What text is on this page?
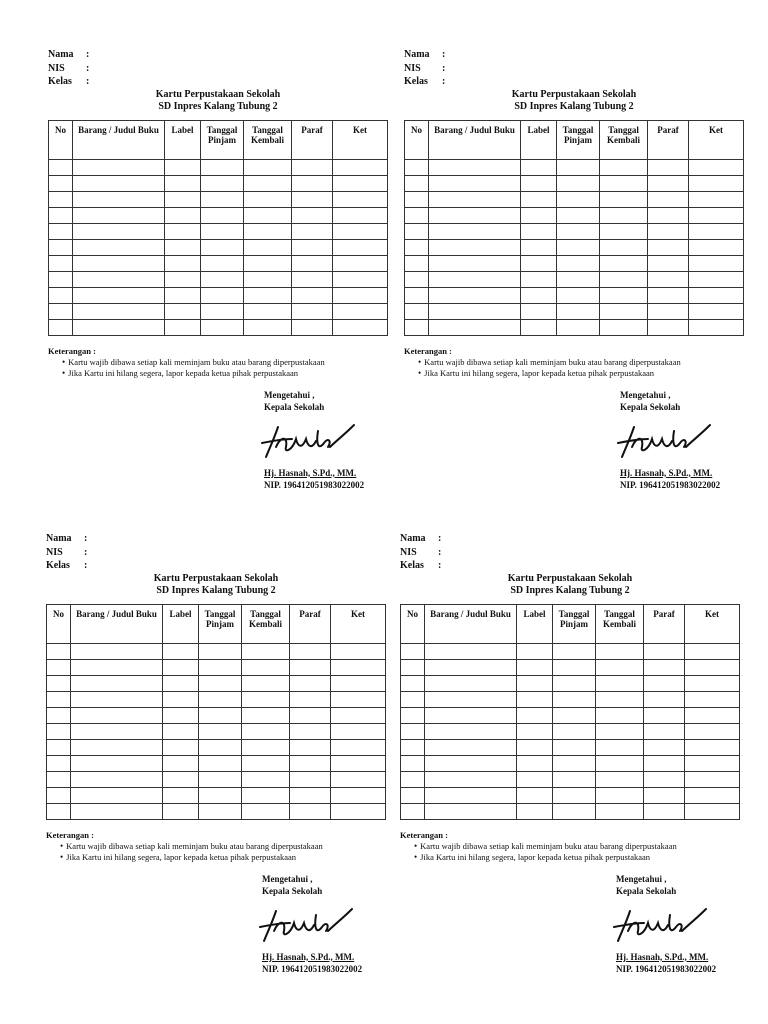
Nama	:
NIS	:
Kelas	:
Kartu Perpustakaan Sekolah
SD Inpres Kalang Tubung 2
No	Barang / Judul Buku	Label	Tanggal Pinjam	Tanggal Kembali	Paraf	Ket

Keterangan :
• Kartu wajib dibawa setiap kali meminjam buku atau barang diperpustakaan
• Jika Kartu ini hilang segera, lapor kepada ketua pihak perpustakaan
Mengetahui ,
Kepala Sekolah
Hj. Hasnah, S.Pd., MM.
NIP. 196412051983022002
Nama	:
NIS	:
Kelas	:
Kartu Perpustakaan Sekolah
SD Inpres Kalang Tubung 2
No	Barang / Judul Buku	Label	Tanggal Pinjam	Tanggal Kembali	Paraf	Ket

Keterangan :
• Kartu wajib dibawa setiap kali meminjam buku atau barang diperpustakaan
• Jika Kartu ini hilang segera, lapor kepada ketua pihak perpustakaan
Mengetahui ,
Kepala Sekolah
Hj. Hasnah, S.Pd., MM.
NIP. 196412051983022002
Nama	:
NIS	:
Kelas	:
Kartu Perpustakaan Sekolah
SD Inpres Kalang Tubung 2
No	Barang / Judul Buku	Label	Tanggal Pinjam	Tanggal Kembali	Paraf	Ket

Keterangan :
• Kartu wajib dibawa setiap kali meminjam buku atau barang diperpustakaan
• Jika Kartu ini hilang segera, lapor kepada ketua pihak perpustakaan
Mengetahui ,
Kepala Sekolah
Hj. Hasnah, S.Pd., MM.
NIP. 196412051983022002
Nama	:
NIS	:
Kelas	:
Kartu Perpustakaan Sekolah
SD Inpres Kalang Tubung 2
No	Barang / Judul Buku	Label	Tanggal Pinjam	Tanggal Kembali	Paraf	Ket

Keterangan :
• Kartu wajib dibawa setiap kali meminjam buku atau barang diperpustakaan
• Jika Kartu ini hilang segera, lapor kepada ketua pihak perpustakaan
Mengetahui ,
Kepala Sekolah
Hj. Hasnah, S.Pd., MM.
NIP. 196412051983022002
